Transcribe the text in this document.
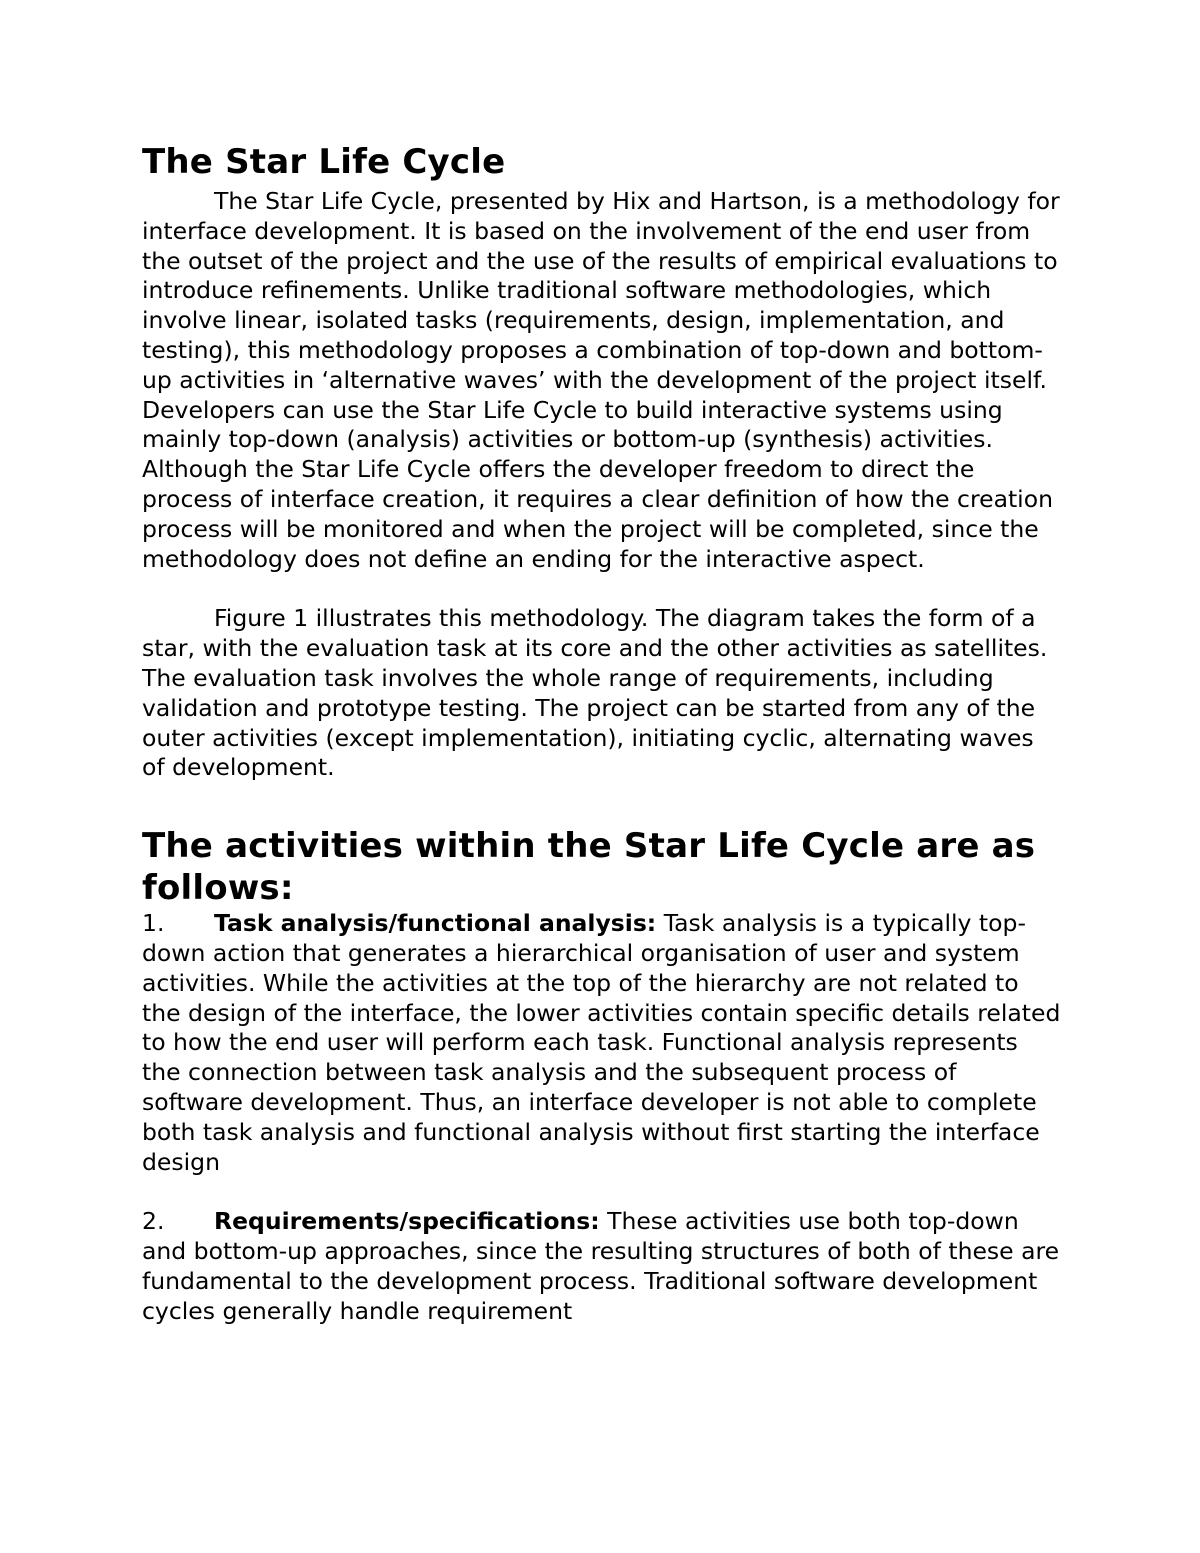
The Star Life Cycle

The Star Life Cycle, presented by Hix and Hartson, is a methodology for interface development. It is based on the involvement of the end user from the outset of the project and the use of the results of empirical evaluations to introduce refinements. Unlike traditional software methodologies, which involve linear, isolated tasks (requirements, design, implementation, and testing), this methodology proposes a combination of top-down and bottom-up activities in ‘alternative waves’ with the development of the project itself. Developers can use the Star Life Cycle to build interactive systems using mainly top-down (analysis) activities or bottom-up (synthesis) activities. Although the Star Life Cycle offers the developer freedom to direct the process of interface creation, it requires a clear definition of how the creation process will be monitored and when the project will be completed, since the methodology does not define an ending for the interactive aspect.

Figure 1 illustrates this methodology. The diagram takes the form of a star, with the evaluation task at its core and the other activities as satellites. The evaluation task involves the whole range of requirements, including validation and prototype testing. The project can be started from any of the outer activities (except implementation), initiating cyclic, alternating waves of development.

The activities within the Star Life Cycle are as follows:

1. Task analysis/functional analysis: Task analysis is a typically top-down action that generates a hierarchical organisation of user and system activities. While the activities at the top of the hierarchy are not related to the design of the interface, the lower activities contain specific details related to how the end user will perform each task. Functional analysis represents the connection between task analysis and the subsequent process of software development. Thus, an interface developer is not able to complete both task analysis and functional analysis without first starting the interface design

2. Requirements/specifications: These activities use both top-down and bottom-up approaches, since the resulting structures of both of these are fundamental to the development process. Traditional software development cycles generally handle requirement
